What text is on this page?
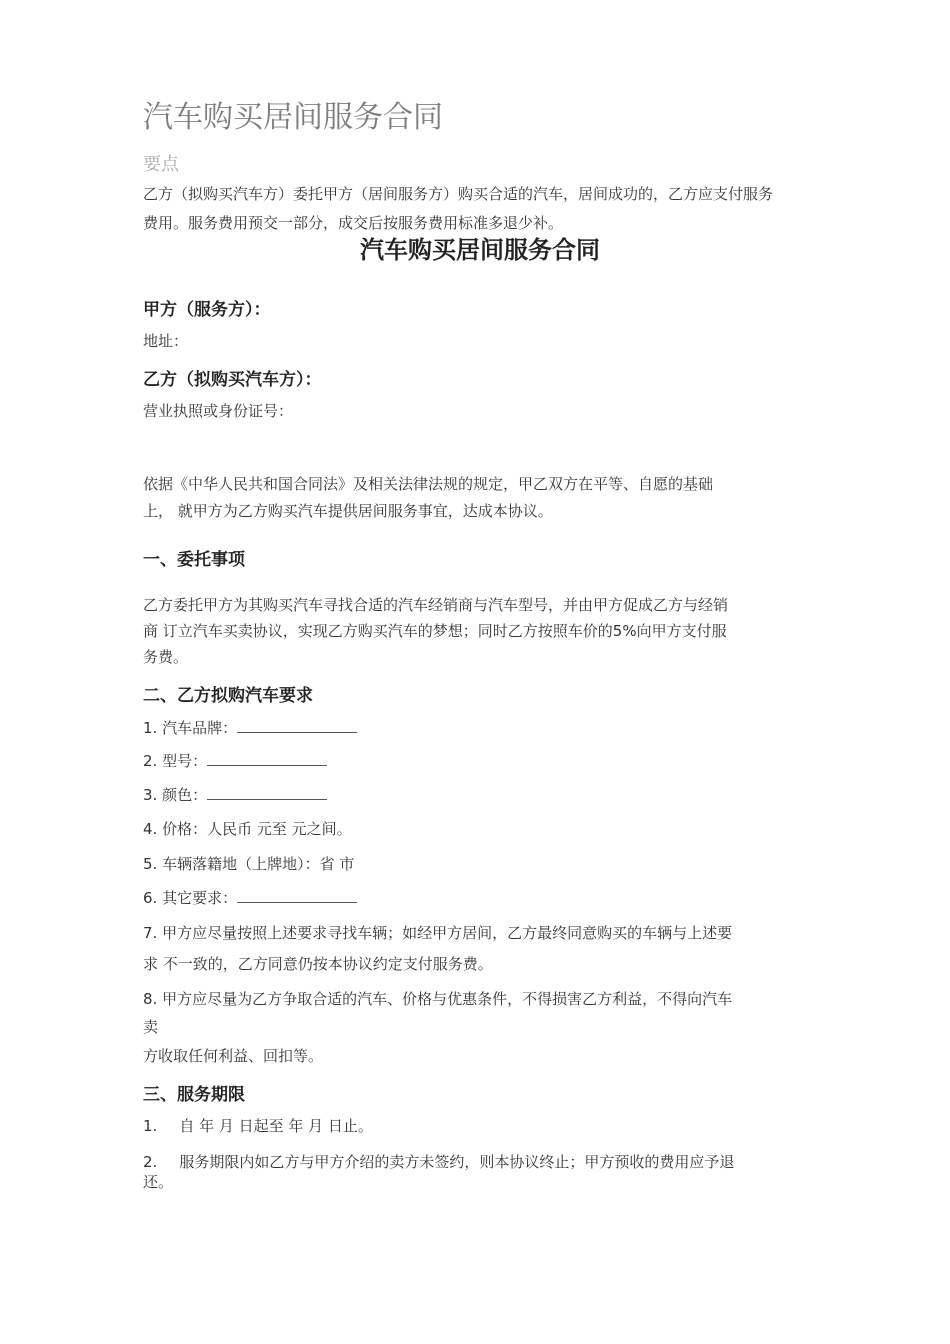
汽车购买居间服务合同
要点
乙方（拟购买汽车方）委托甲方（居间服务方）购买合适的汽车，居间成功的，乙方应支付服务
费用。服务费用预交一部分，成交后按服务费用标准多退少补。
汽车购买居间服务合同
甲方（服务方）：
地址：
乙方（拟购买汽车方）：
营业执照或身份证号：
依据《中华人民共和国合同法》及相关法律法规的规定，甲乙双方在平等、自愿的基础
上， 就甲方为乙方购买汽车提供居间服务事宜，达成本协议。
一、委托事项
乙方委托甲方为其购买汽车寻找合适的汽车经销商与汽车型号，并由甲方促成乙方与经销
商 订立汽车买卖协议，实现乙方购买汽车的梦想；同时乙方按照车价的5%向甲方支付服
务费。
二、乙方拟购汽车要求
1. 汽车品牌：
2. 型号：
3. 颜色：
4. 价格：人民币 元至 元之间。
5. 车辆落籍地（上牌地）：省 市
6. 其它要求：
7. 甲方应尽量按照上述要求寻找车辆；如经甲方居间，乙方最终同意购买的车辆与上述要
求 不一致的，乙方同意仍按本协议约定支付服务费。
8. 甲方应尽量为乙方争取合适的汽车、价格与优惠条件，不得损害乙方利益，不得向汽车
卖
方收取任何利益、回扣等。
三、服务期限
1. 自 年 月 日起至 年 月 日止。
2. 服务期限内如乙方与甲方介绍的卖方未签约，则本协议终止；甲方预收的费用应予退
还。
